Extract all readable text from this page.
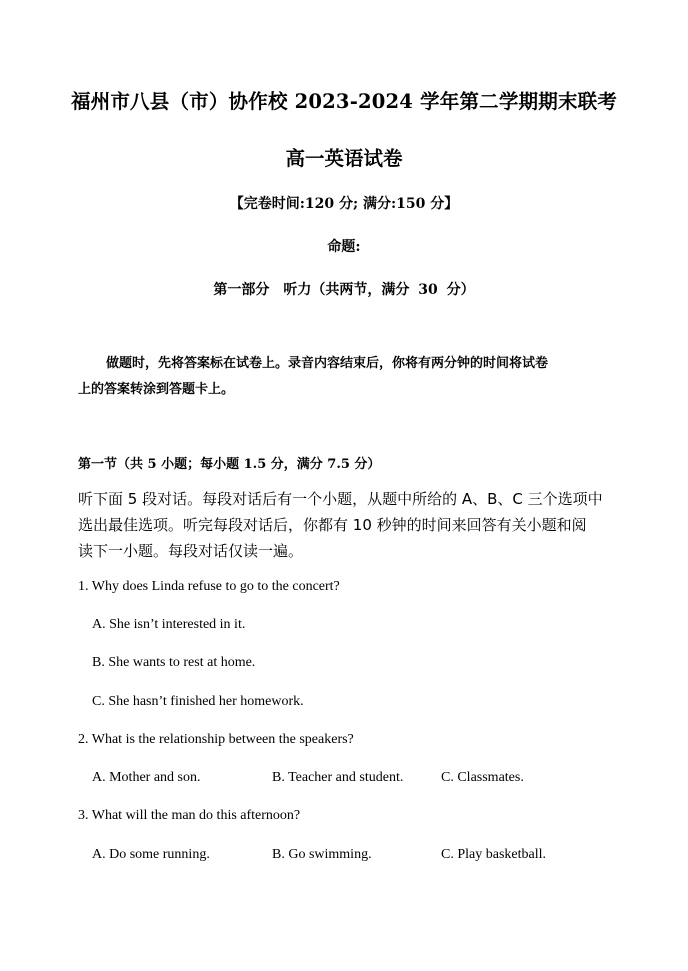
福州市八县（市）协作校 2023-2024 学年第二学期期末联考
高一英语试卷
【完卷时间:120 分; 满分:150 分】
命题:
第一部分　听力（共两节，满分 30 分）
做题时，先将答案标在试卷上。录音内容结束后，你将有两分钟的时间将试卷
上的答案转涂到答题卡上。
第一节（共 5 小题；每小题 1.5 分，满分 7.5 分）
听下面 5 段对话。每段对话后有一个小题，从题中所给的 A、B、C 三个选项中
选出最佳选项。听完每段对话后，你都有 10 秒钟的时间来回答有关小题和阅
读下一小题。每段对话仅读一遍。
1. Why does Linda refuse to go to the concert?
A. She isn’t interested in it.
B. She wants to rest at home.
C. She hasn’t finished her homework.
2. What is the relationship between the speakers?
A. Mother and son.	B. Teacher and student.	C. Classmates.
3. What will the man do this afternoon?
A. Do some running.	B. Go swimming.	C. Play basketball.
